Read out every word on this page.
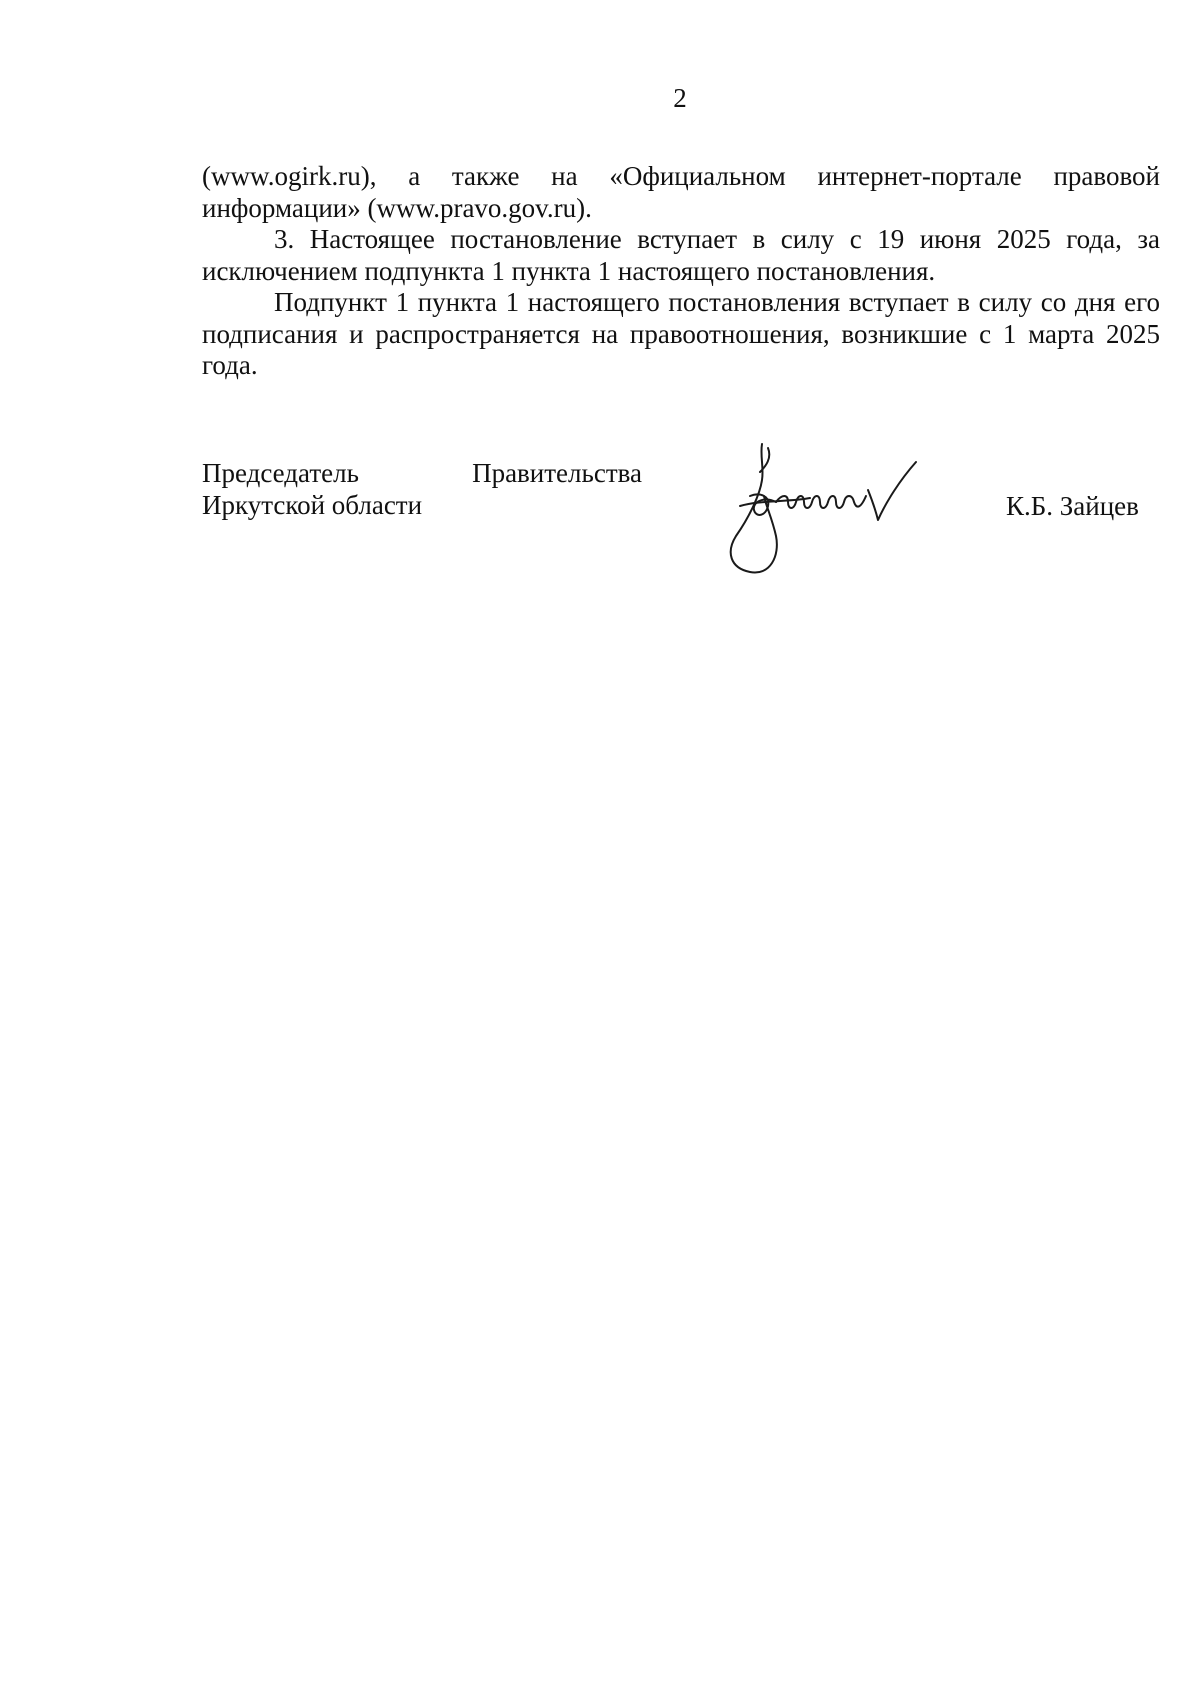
2

(www.ogirk.ru), а также на «Официальном интернет-портале правовой информации» (www.pravo.gov.ru).

3. Настоящее постановление вступает в силу с 19 июня 2025 года, за исключением подпункта 1 пункта 1 настоящего постановления.

Подпункт 1 пункта 1 настоящего постановления вступает в силу со дня его подписания и распространяется на правоотношения, возникшие с 1 марта 2025 года.

Председатель	Правительства
Иркутской области	К.Б. Зайцев
